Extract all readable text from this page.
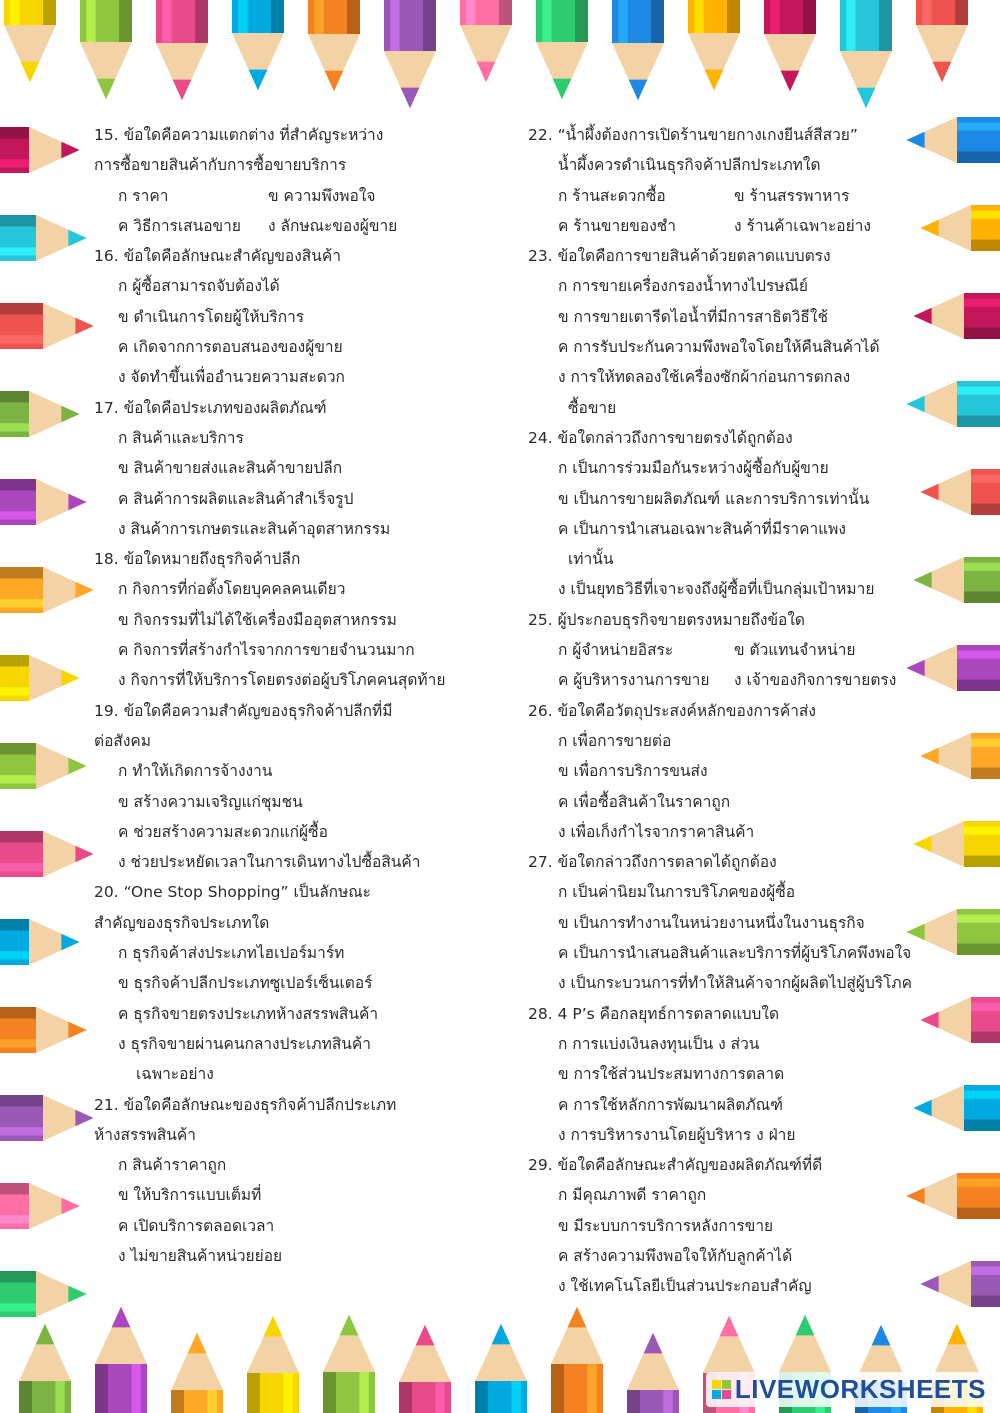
15. ข้อใดคือความแตกต่าง ที่สำคัญระหว่าง
การซื้อขายสินค้ากับการซื้อขายบริการ
ก ราคา	ข ความพึงพอใจ
ค วิธีการเสนอขาย	ง ลักษณะของผู้ขาย
16. ข้อใดคือลักษณะสำคัญของสินค้า
ก ผู้ซื้อสามารถจับต้องได้
ข ดำเนินการโดยผู้ให้บริการ
ค เกิดจากการตอบสนองของผู้ขาย
ง จัดทำขึ้นเพื่ออำนวยความสะดวก
17. ข้อใดคือประเภทของผลิตภัณฑ์
ก สินค้าและบริการ
ข สินค้าขายส่งและสินค้าขายปลีก
ค สินค้าการผลิตและสินค้าสำเร็จรูป
ง สินค้าการเกษตรและสินค้าอุตสาหกรรม
18. ข้อใดหมายถึงธุรกิจค้าปลีก
ก กิจการที่ก่อตั้งโดยบุคคลคนเดียว
ข กิจกรรมที่ไม่ได้ใช้เครื่องมืออุตสาหกรรม
ค กิจการที่สร้างกำไรจากการขายจำนวนมาก
ง กิจการที่ให้บริการโดยตรงต่อผู้บริโภคคนสุดท้าย
19. ข้อใดคือความสำคัญของธุรกิจค้าปลีกที่มี
ต่อสังคม
ก ทำให้เกิดการจ้างงาน
ข สร้างความเจริญแก่ชุมชน
ค ช่วยสร้างความสะดวกแก่ผู้ซื้อ
ง ช่วยประหยัดเวลาในการเดินทางไปซื้อสินค้า
20. “One Stop Shopping” เป็นลักษณะ
สำคัญของธุรกิจประเภทใด
ก ธุรกิจค้าส่งประเภทไฮเปอร์มาร์ท
ข ธุรกิจค้าปลีกประเภทซูเปอร์เซ็นเตอร์
ค ธุรกิจขายตรงประเภทห้างสรรพสินค้า
ง ธุรกิจขายผ่านคนกลางประเภทสินค้า
เฉพาะอย่าง
21. ข้อใดคือลักษณะของธุรกิจค้าปลีกประเภท
ห้างสรรพสินค้า
ก สินค้าราคาถูก
ข ให้บริการแบบเต็มที่
ค เปิดบริการตลอดเวลา
ง ไม่ขายสินค้าหน่วยย่อย
22. “น้ำผึ้งต้องการเปิดร้านขายกางเกงยีนส์สีสวย”
น้ำผึ้งควรดำเนินธุรกิจค้าปลีกประเภทใด
ก ร้านสะดวกซื้อ	ข ร้านสรรพาหาร
ค ร้านขายของชำ	ง ร้านค้าเฉพาะอย่าง
23. ข้อใดคือการขายสินค้าด้วยตลาดแบบตรง
ก การขายเครื่องกรองน้ำทางไปรษณีย์
ข การขายเตารีดไอน้ำที่มีการสาธิตวิธีใช้
ค การรับประกันความพึงพอใจโดยให้คืนสินค้าได้
ง การให้ทดลองใช้เครื่องซักผ้าก่อนการตกลง
ซื้อขาย
24. ข้อใดกล่าวถึงการขายตรงได้ถูกต้อง
ก เป็นการร่วมมือกันระหว่างผู้ซื้อกับผู้ขาย
ข เป็นการขายผลิตภัณฑ์ และการบริการเท่านั้น
ค เป็นการนำเสนอเฉพาะสินค้าที่มีราคาแพง
เท่านั้น
ง เป็นยุทธวิธีที่เจาะจงถึงผู้ซื้อที่เป็นกลุ่มเป้าหมาย
25. ผู้ประกอบธุรกิจขายตรงหมายถึงข้อใด
ก ผู้จำหน่ายอิสระ	ข ตัวแทนจำหน่าย
ค ผู้บริหารงานการขาย	ง เจ้าของกิจการขายตรง
26. ข้อใดคือวัตถุประสงค์หลักของการค้าส่ง
ก เพื่อการขายต่อ
ข เพื่อการบริการขนส่ง
ค เพื่อซื้อสินค้าในราคาถูก
ง เพื่อเก็งกำไรจากราคาสินค้า
27. ข้อใดกล่าวถึงการตลาดได้ถูกต้อง
ก เป็นค่านิยมในการบริโภคของผู้ซื้อ
ข เป็นการทำงานในหน่วยงานหนึ่งในงานธุรกิจ
ค เป็นการนำเสนอสินค้าและบริการที่ผู้บริโภคพึงพอใจ
ง เป็นกระบวนการที่ทำให้สินค้าจากผู้ผลิตไปสู่ผู้บริโภค
28. 4 P’s คือกลยุทธ์การตลาดแบบใด
ก การแบ่งเงินลงทุนเป็น ง ส่วน
ข การใช้ส่วนประสมทางการตลาด
ค การใช้หลักการพัฒนาผลิตภัณฑ์
ง การบริหารงานโดยผู้บริหาร ง ฝ่าย
29. ข้อใดคือลักษณะสำคัญของผลิตภัณฑ์ที่ดี
ก มีคุณภาพดี ราคาถูก
ข มีระบบการบริการหลังการขาย
ค สร้างความพึงพอใจให้กับลูกค้าได้
ง ใช้เทคโนโลยีเป็นส่วนประกอบสำคัญ
LIVEWORKSHEETS
